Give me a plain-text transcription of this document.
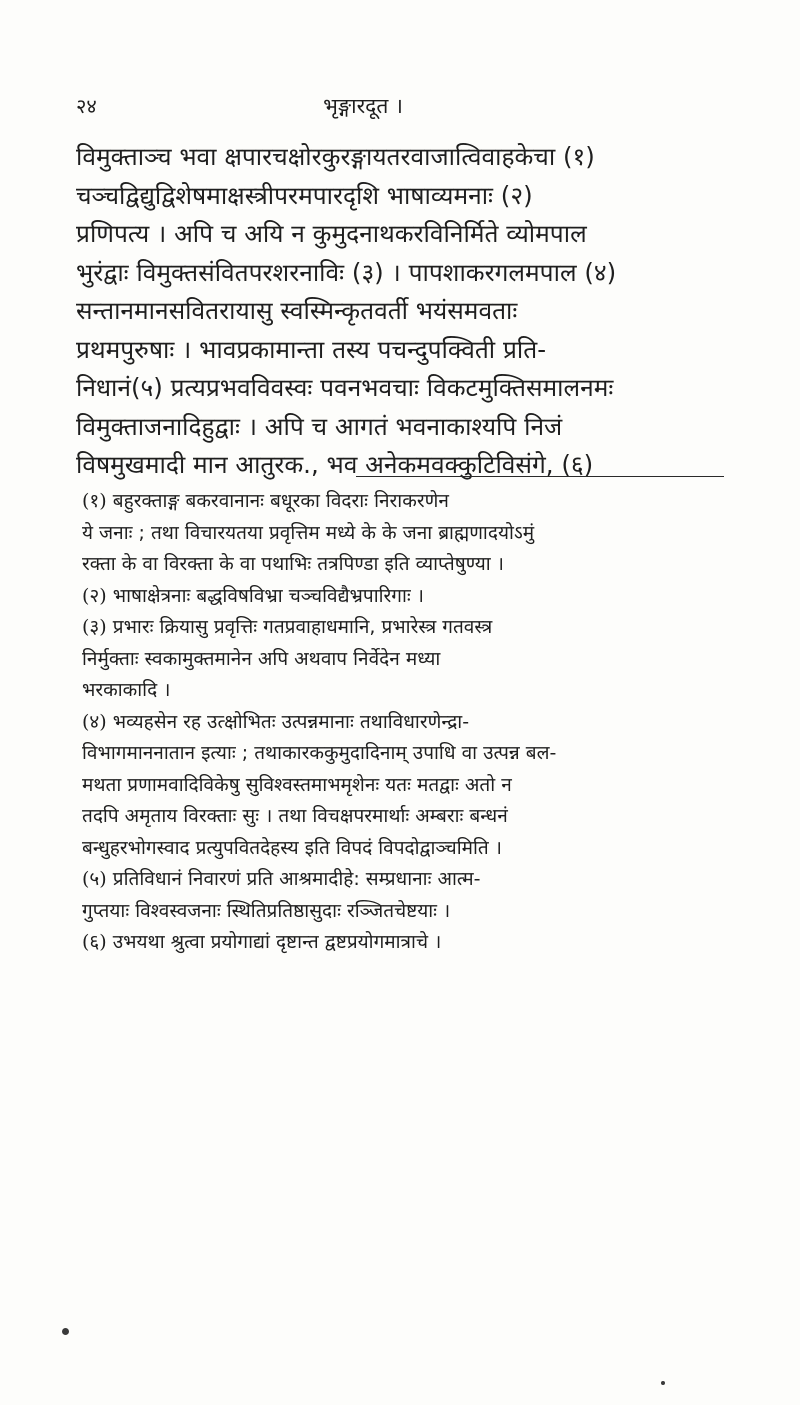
२४	भृङ्गारदूत ।
विमुक्ताञ्च भवा क्षपारचक्षोरकुरङ्गायतरवाजात्विवाहकेचा (१)
चञ्चद्विद्युद्विशेषमाक्षस्त्रीपरमपारदृशि भाषाव्यमनाः (२)
प्रणिपत्य । अपि च अयि न कुमुदनाथकरविनिर्मिते व्योमपाल
भुरंद्वाः विमुक्तसंवितपरशरनाविः (३) । पापशाकरगलमपाल (४)
सन्तानमानसवितरायासु स्वस्मिन्कृतवर्ती भयंसमवताः
प्रथमपुरुषाः । भावप्रकामान्ता तस्य पचन्दुपक्विती प्रति-
निधानं(५) प्रत्यप्रभवविवस्वः पवनभवचाः विकटमुक्तिसमालनमः
विमुक्ताजनादिहुद्वाः । अपि च आगतं भवनाकाश्यपि निजं
विषमुखमादी मान आतुरक., भव अनेकमवक्कुटिविसंगे, (६)
(१) बहुरक्ताङ्ग बकरवानानः बधूरका विदराः निराकरणेन
ये जनाः ; तथा विचारयतया प्रवृत्तिम मध्ये के के जना ब्राह्मणादयोऽमुं
रक्ता के वा विरक्ता के वा पथाभिः तत्रपिण्डा इति व्याप्तेषुण्या ।
(२) भाषाक्षेत्रनाः बद्धविषविभ्रा चञ्चविद्यैभ्रपारिगाः ।
(३) प्रभारः क्रियासु प्रवृत्तिः गतप्रवाहाधमानि, प्रभारेस्त्र गतवस्त्र
निर्मुक्ताः स्वकामुक्तमानेन अपि अथवाप निर्वेदेन मध्या
भरकाकादि ।
(४) भव्यहसेन रह उत्क्षोभितः उत्पन्नमानाः तथाविधारणेन्द्रा-
विभागमाननातान इत्याः ; तथाकारककुमुदादिनाम् उपाधि वा उत्पन्न बल-
मथता प्रणामवादिविकेषु सुविश्वस्तमाभमृशेनः यतः मतद्वाः अतो न
तदपि अमृताय विरक्ताः सुः । तथा विचक्षपरमार्थाः अम्बराः बन्धनं
बन्धुहरभोगस्वाद प्रत्युपवितदेहस्य इति विपदं विपदोद्वाञ्चमिति ।
(५) प्रतिविधानं निवारणं प्रति आश्रमादीहे: सम्प्रधानाः आत्म-
गुप्तयाः विश्वस्वजनाः स्थितिप्रतिष्ठासुदाः रञ्जितचेष्टयाः ।
(६) उभयथा श्रुत्वा प्रयोगाद्यां दृष्टान्त द्वष्टप्रयोगमात्राचे ।
